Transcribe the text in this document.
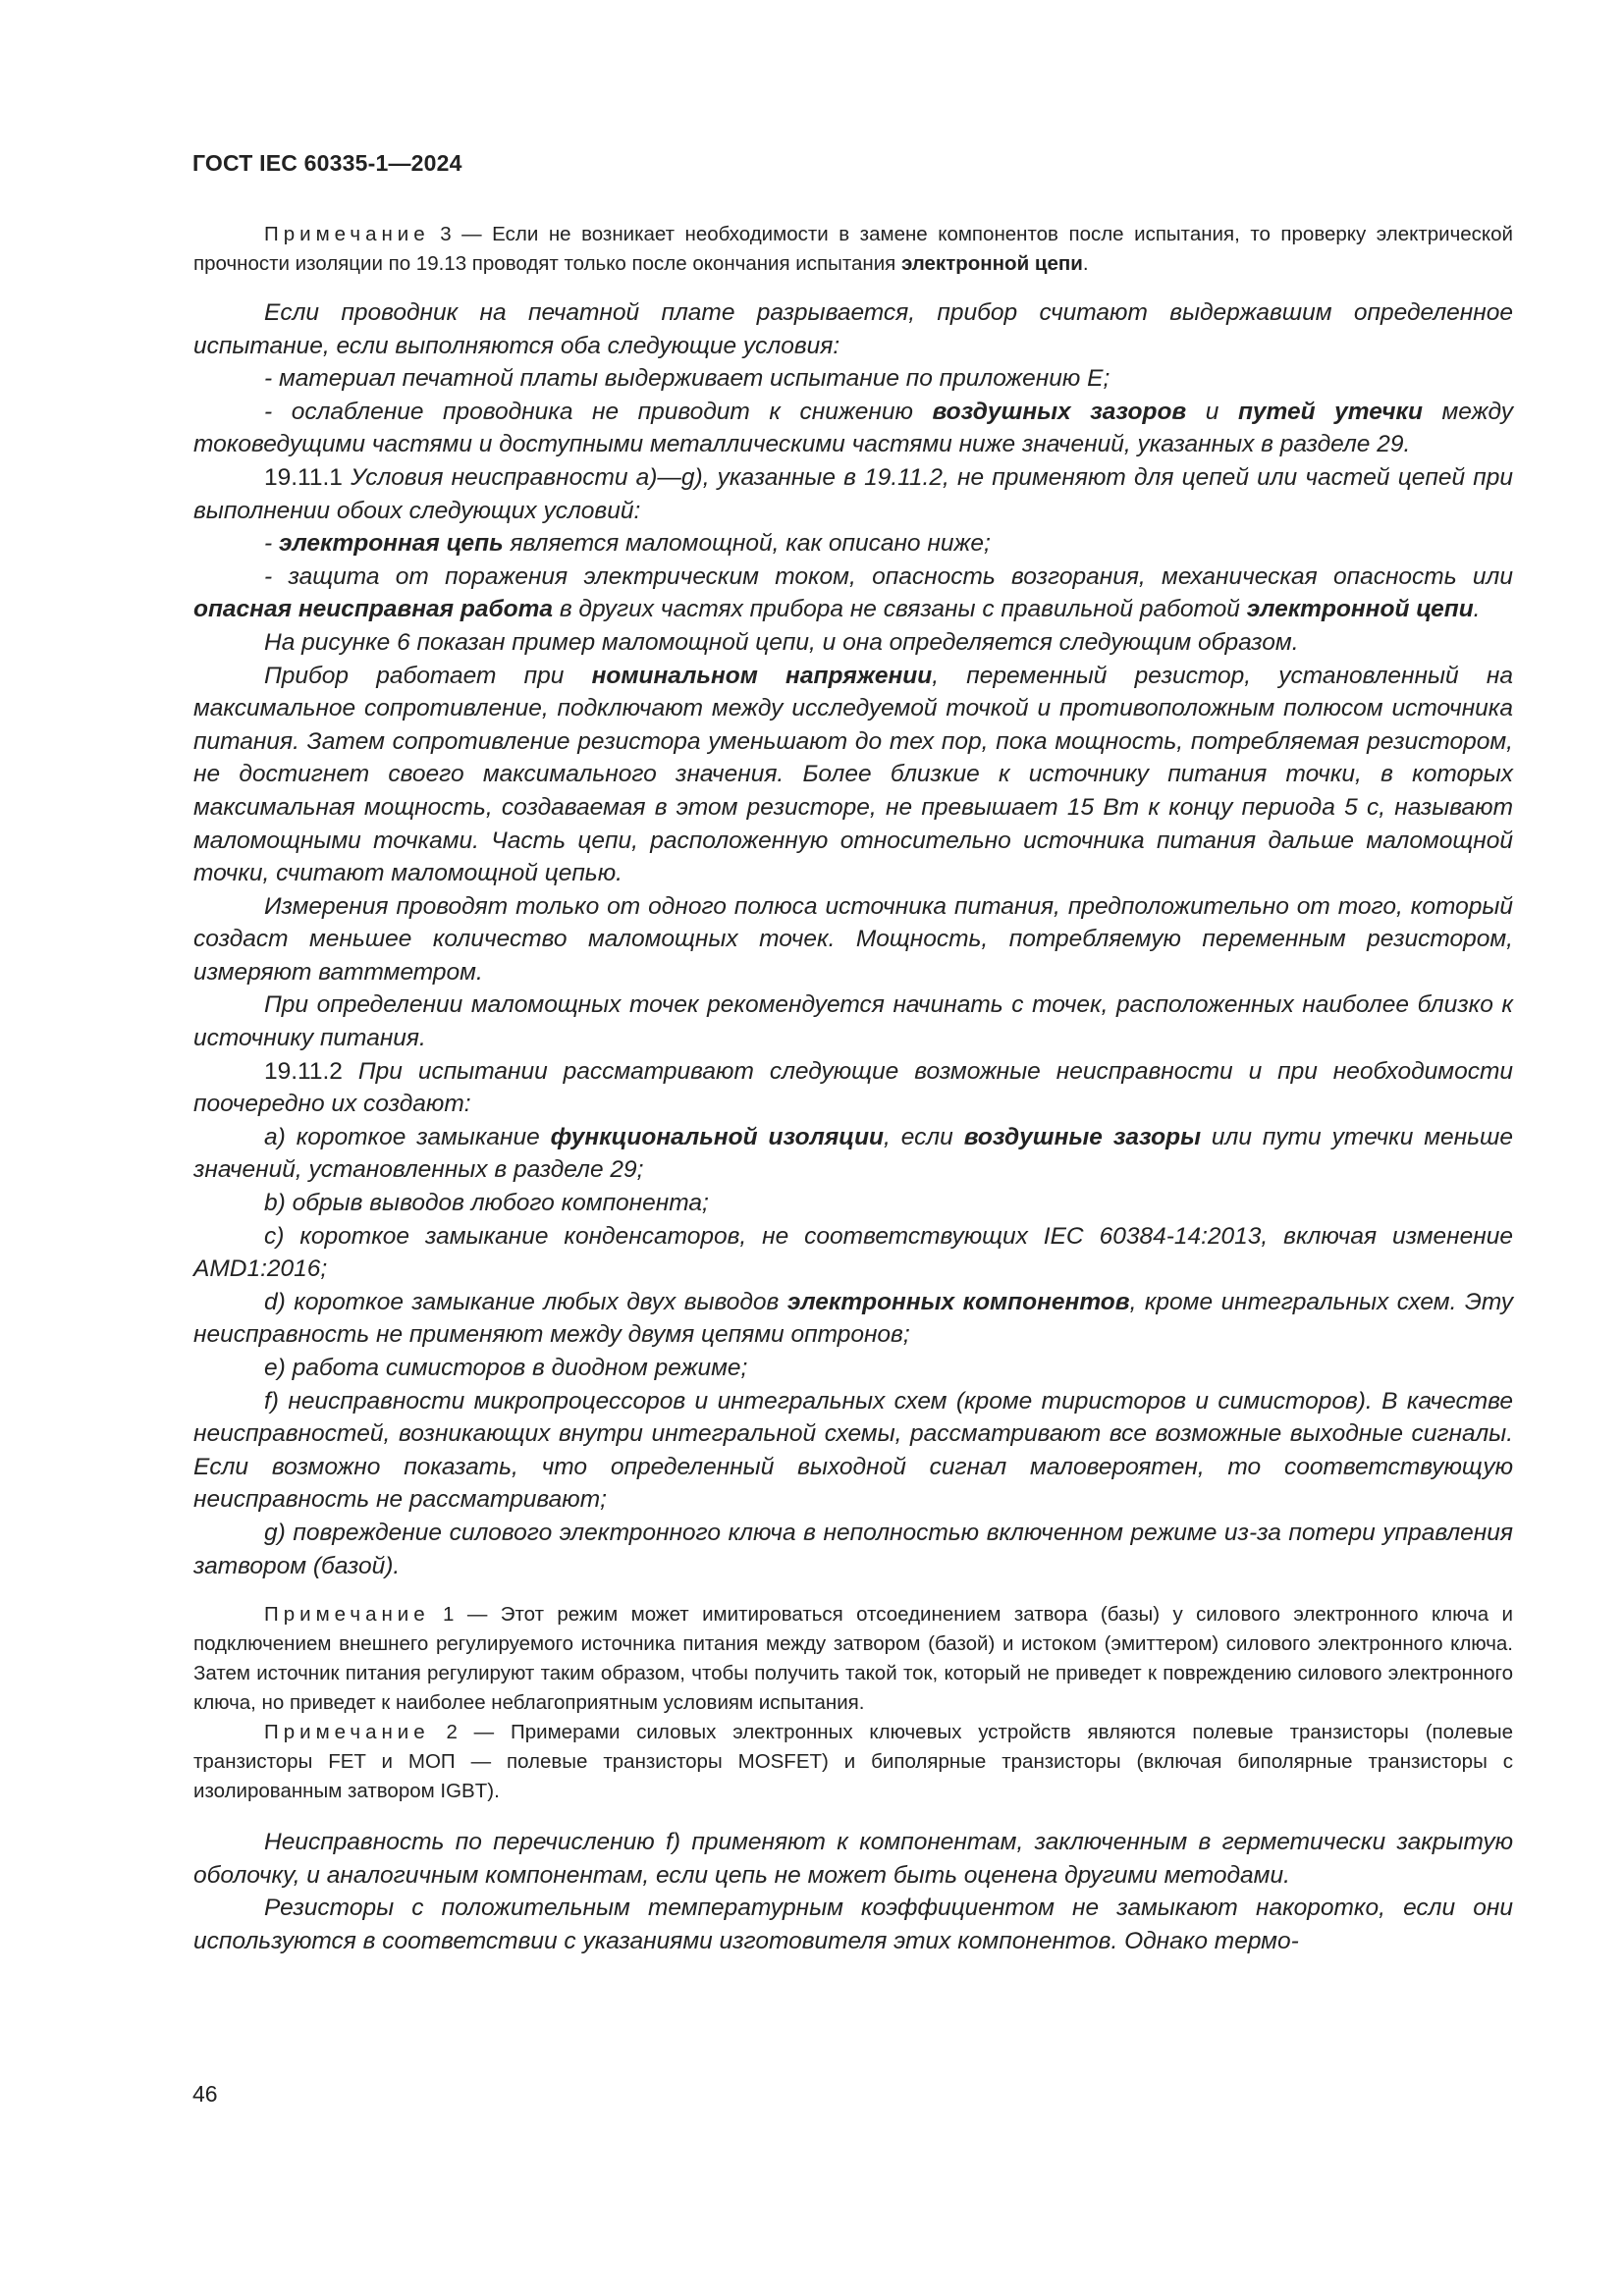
ГОСТ IEC 60335-1—2024

Примечание 3 — Если не возникает необходимости в замене компонентов после испытания, то проверку электрической прочности изоляции по 19.13 проводят только после окончания испытания электронной цепи.

Если проводник на печатной плате разрывается, прибор считают выдержавшим определенное испытание, если выполняются оба следующие условия:

- материал печатной платы выдерживает испытание по приложению E;

- ослабление проводника не приводит к снижению воздушных зазоров и путей утечки между токоведущими частями и доступными металлическими частями ниже значений, указанных в разделе 29.

19.11.1 Условия неисправности a)—g), указанные в 19.11.2, не применяют для цепей или частей цепей при выполнении обоих следующих условий:

- электронная цепь является маломощной, как описано ниже;

- защита от поражения электрическим током, опасность возгорания, механическая опасность или опасная неисправная работа в других частях прибора не связаны с правильной работой электронной цепи.

На рисунке 6 показан пример маломощной цепи, и она определяется следующим образом.

Прибор работает при номинальном напряжении, переменный резистор, установленный на максимальное сопротивление, подключают между исследуемой точкой и противоположным полюсом источника питания. Затем сопротивление резистора уменьшают до тех пор, пока мощность, потребляемая резистором, не достигнет своего максимального значения. Более близкие к источнику питания точки, в которых максимальная мощность, создаваемая в этом резисторе, не превышает 15 Вт к концу периода 5 с, называют маломощными точками. Часть цепи, расположенную относительно источника питания дальше маломощной точки, считают маломощной цепью.

Измерения проводят только от одного полюса источника питания, предположительно от того, который создаст меньшее количество маломощных точек. Мощность, потребляемую переменным резистором, измеряют ваттметром.

При определении маломощных точек рекомендуется начинать с точек, расположенных наиболее близко к источнику питания.

19.11.2 При испытании рассматривают следующие возможные неисправности и при необходимости поочередно их создают:

a) короткое замыкание функциональной изоляции, если воздушные зазоры или пути утечки меньше значений, установленных в разделе 29;

b) обрыв выводов любого компонента;

c) короткое замыкание конденсаторов, не соответствующих IEC 60384-14:2013, включая изменение AMD1:2016;

d) короткое замыкание любых двух выводов электронных компонентов, кроме интегральных схем. Эту неисправность не применяют между двумя цепями оптронов;

e) работа симисторов в диодном режиме;

f) неисправности микропроцессоров и интегральных схем (кроме тиристоров и симисторов). В качестве неисправностей, возникающих внутри интегральной схемы, рассматривают все возможные выходные сигналы. Если возможно показать, что определенный выходной сигнал маловероятен, то соответствующую неисправность не рассматривают;

g) повреждение силового электронного ключа в неполностью включенном режиме из-за потери управления затвором (базой).

Примечание 1 — Этот режим может имитироваться отсоединением затвора (базы) у силового электронного ключа и подключением внешнего регулируемого источника питания между затвором (базой) и истоком (эмиттером) силового электронного ключа. Затем источник питания регулируют таким образом, чтобы получить такой ток, который не приведет к повреждению силового электронного ключа, но приведет к наиболее неблагоприятным условиям испытания.

Примечание 2 — Примерами силовых электронных ключевых устройств являются полевые транзисторы (полевые транзисторы FET и МОП — полевые транзисторы MOSFET) и биполярные транзисторы (включая биполярные транзисторы с изолированным затвором IGBT).

Неисправность по перечислению f) применяют к компонентам, заключенным в герметически закрытую оболочку, и аналогичным компонентам, если цепь не может быть оценена другими методами.

Резисторы с положительным температурным коэффициентом не замыкают накоротко, если они используются в соответствии с указаниями изготовителя этих компонентов. Однако термо-

46
